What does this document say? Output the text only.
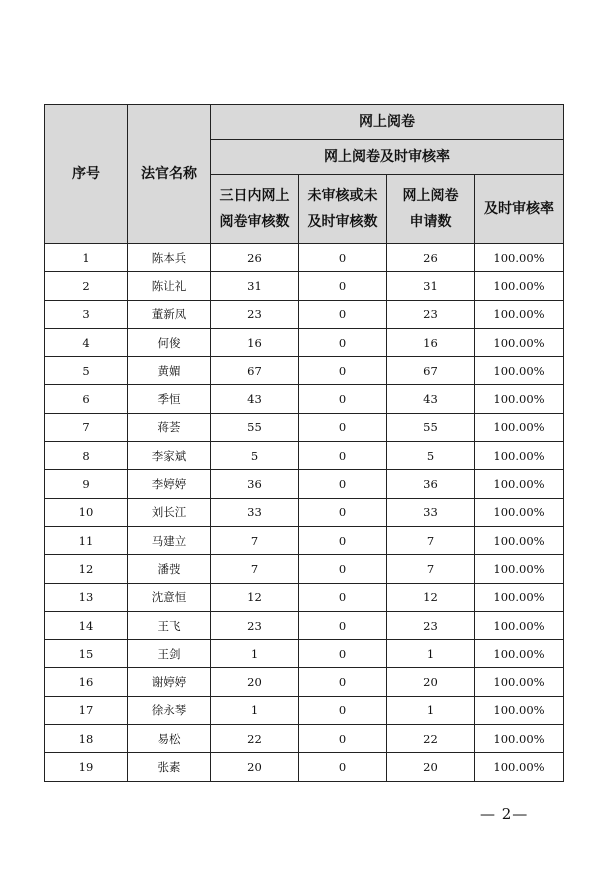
序号	法官名称	网上阅卷			
		网上阅卷及时审核率			
		三日内网上阅卷审核数	未审核或未及时审核数	网上阅卷申请数	及时审核率
1	陈本兵	26	0	26	100.00%
2	陈让礼	31	0	31	100.00%
3	董新凤	23	0	23	100.00%
4	何俊	16	0	16	100.00%
5	黄媚	67	0	67	100.00%
6	季恒	43	0	43	100.00%
7	蒋荟	55	0	55	100.00%
8	李家斌	5	0	5	100.00%
9	李婷婷	36	0	36	100.00%
10	刘长江	33	0	33	100.00%
11	马建立	7	0	7	100.00%
12	潘弢	7	0	7	100.00%
13	沈意恒	12	0	12	100.00%
14	王飞	23	0	23	100.00%
15	王剑	1	0	1	100.00%
16	谢婷婷	20	0	20	100.00%
17	徐永琴	1	0	1	100.00%
18	易松	22	0	22	100.00%
19	张素	20	0	20	100.00%
— 2—
